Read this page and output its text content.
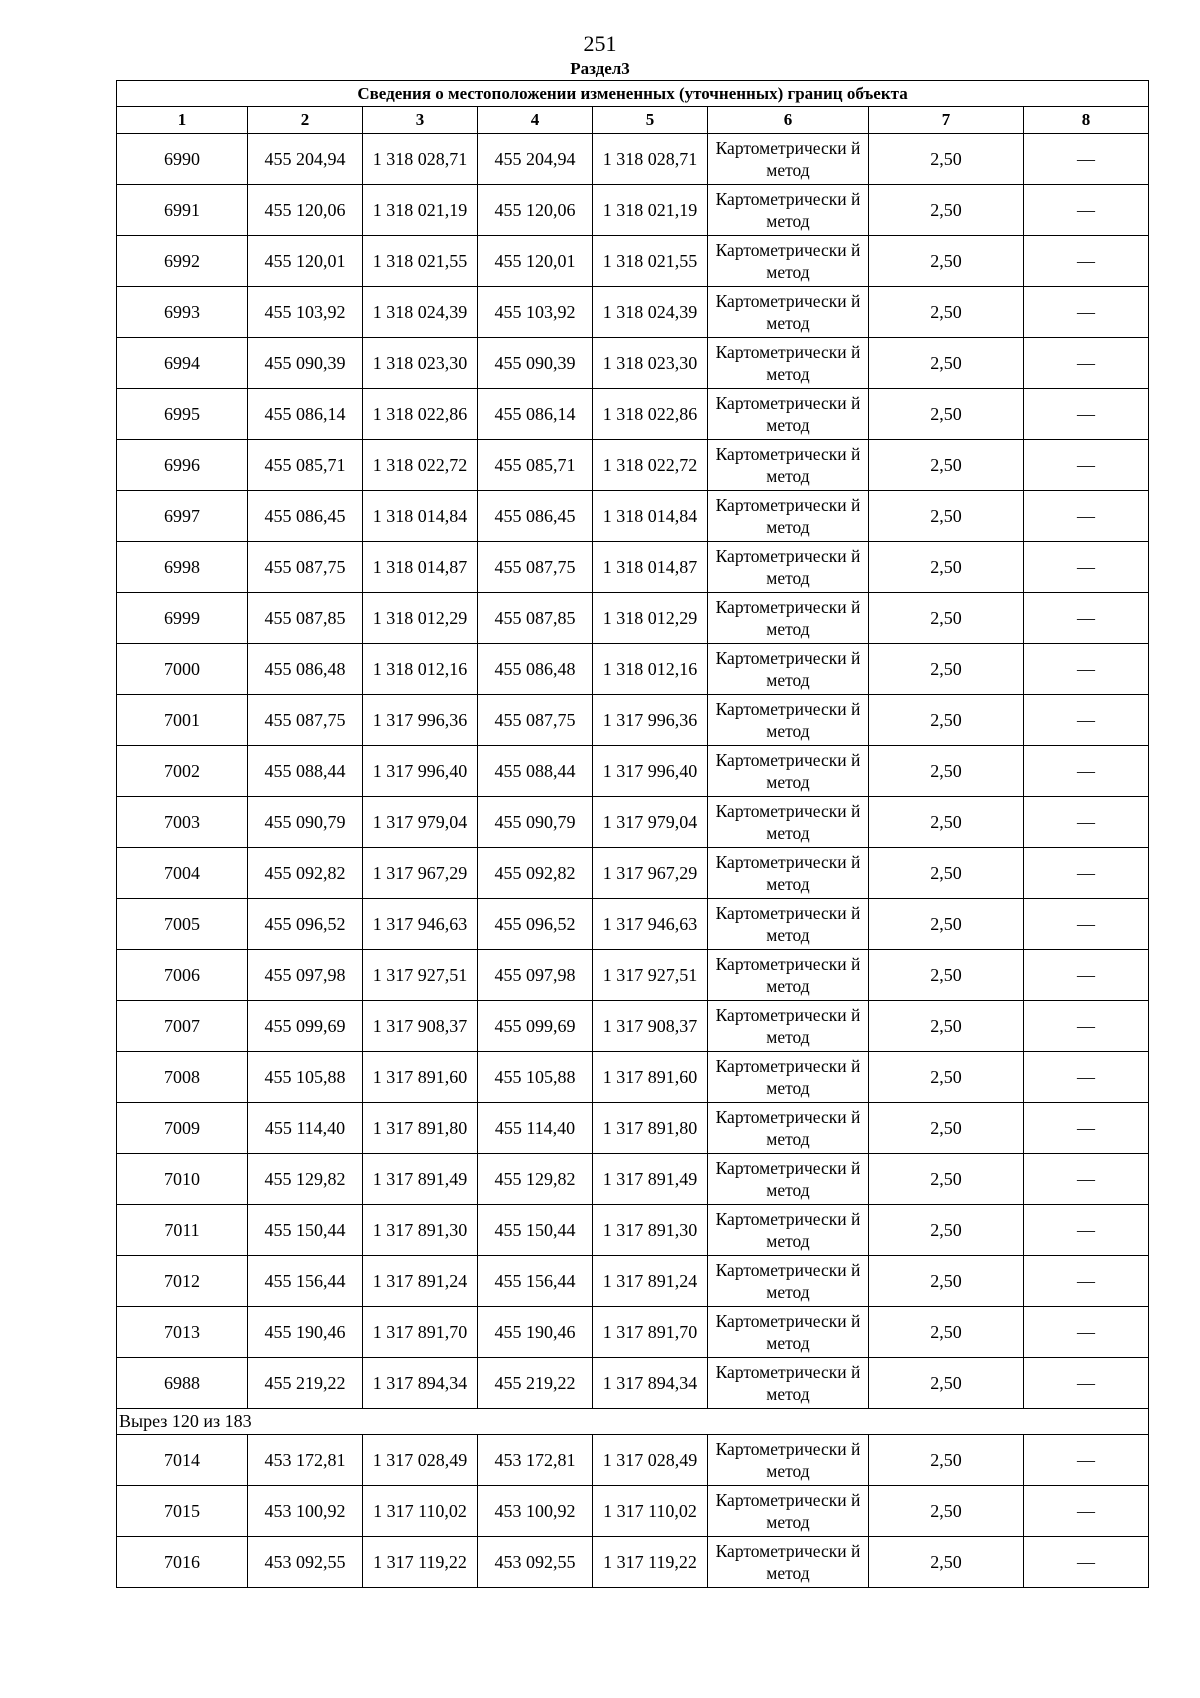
251
Раздел3
Сведения о местоположении измененных (уточненных) границ объекта							
1	2	3	4	5	6	7	8
6990	455 204,94	1 318 028,71	455 204,94	1 318 028,71	Картометрически й метод	2,50	—
6991	455 120,06	1 318 021,19	455 120,06	1 318 021,19	Картометрически й метод	2,50	—
6992	455 120,01	1 318 021,55	455 120,01	1 318 021,55	Картометрически й метод	2,50	—
6993	455 103,92	1 318 024,39	455 103,92	1 318 024,39	Картометрически й метод	2,50	—
6994	455 090,39	1 318 023,30	455 090,39	1 318 023,30	Картометрически й метод	2,50	—
6995	455 086,14	1 318 022,86	455 086,14	1 318 022,86	Картометрически й метод	2,50	—
6996	455 085,71	1 318 022,72	455 085,71	1 318 022,72	Картометрически й метод	2,50	—
6997	455 086,45	1 318 014,84	455 086,45	1 318 014,84	Картометрически й метод	2,50	—
6998	455 087,75	1 318 014,87	455 087,75	1 318 014,87	Картометрически й метод	2,50	—
6999	455 087,85	1 318 012,29	455 087,85	1 318 012,29	Картометрически й метод	2,50	—
7000	455 086,48	1 318 012,16	455 086,48	1 318 012,16	Картометрически й метод	2,50	—
7001	455 087,75	1 317 996,36	455 087,75	1 317 996,36	Картометрически й метод	2,50	—
7002	455 088,44	1 317 996,40	455 088,44	1 317 996,40	Картометрически й метод	2,50	—
7003	455 090,79	1 317 979,04	455 090,79	1 317 979,04	Картометрически й метод	2,50	—
7004	455 092,82	1 317 967,29	455 092,82	1 317 967,29	Картометрически й метод	2,50	—
7005	455 096,52	1 317 946,63	455 096,52	1 317 946,63	Картометрически й метод	2,50	—
7006	455 097,98	1 317 927,51	455 097,98	1 317 927,51	Картометрически й метод	2,50	—
7007	455 099,69	1 317 908,37	455 099,69	1 317 908,37	Картометрически й метод	2,50	—
7008	455 105,88	1 317 891,60	455 105,88	1 317 891,60	Картометрически й метод	2,50	—
7009	455 114,40	1 317 891,80	455 114,40	1 317 891,80	Картометрически й метод	2,50	—
7010	455 129,82	1 317 891,49	455 129,82	1 317 891,49	Картометрически й метод	2,50	—
7011	455 150,44	1 317 891,30	455 150,44	1 317 891,30	Картометрически й метод	2,50	—
7012	455 156,44	1 317 891,24	455 156,44	1 317 891,24	Картометрически й метод	2,50	—
7013	455 190,46	1 317 891,70	455 190,46	1 317 891,70	Картометрически й метод	2,50	—
6988	455 219,22	1 317 894,34	455 219,22	1 317 894,34	Картометрически й метод	2,50	—
Вырез 120 из 183							
7014	453 172,81	1 317 028,49	453 172,81	1 317 028,49	Картометрически й метод	2,50	—
7015	453 100,92	1 317 110,02	453 100,92	1 317 110,02	Картометрически й метод	2,50	—
7016	453 092,55	1 317 119,22	453 092,55	1 317 119,22	Картометрически й метод	2,50	—
